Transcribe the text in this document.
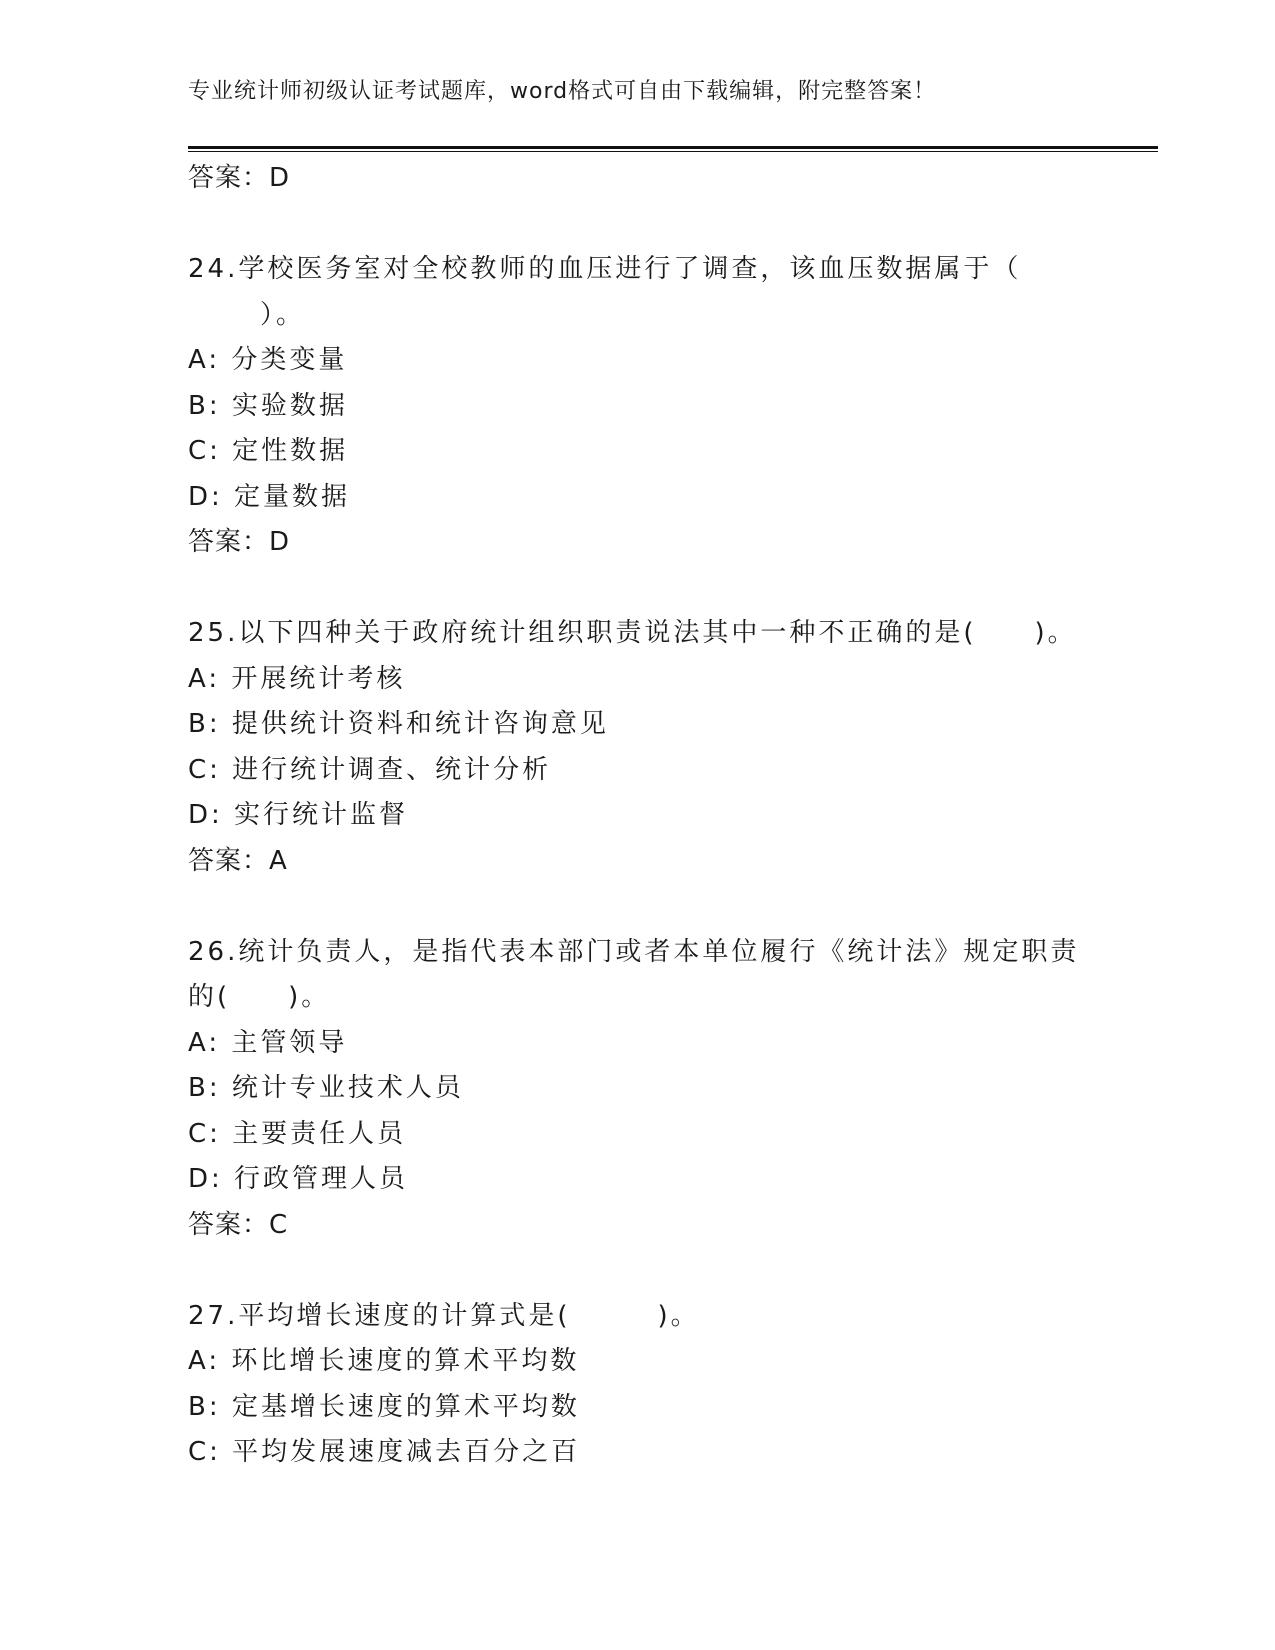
专业统计师初级认证考试题库，word格式可自由下载编辑，附完整答案！
答案：D
24.学校医务室对全校教师的血压进行了调查，该血压数据属于（
）。
A: 分类变量
B: 实验数据
C: 定性数据
D: 定量数据
答案：D
25.以下四种关于政府统计组织职责说法其中一种不正确的是(　　)。
A: 开展统计考核
B: 提供统计资料和统计咨询意见
C: 进行统计调查、统计分析
D: 实行统计监督
答案：A
26.统计负责人，是指代表本部门或者本单位履行《统计法》规定职责
的(　　)。
A: 主管领导
B: 统计专业技术人员
C: 主要责任人员
D: 行政管理人员
答案：C
27.平均增长速度的计算式是(　　　)。
A: 环比增长速度的算术平均数
B: 定基增长速度的算术平均数
C: 平均发展速度减去百分之百
